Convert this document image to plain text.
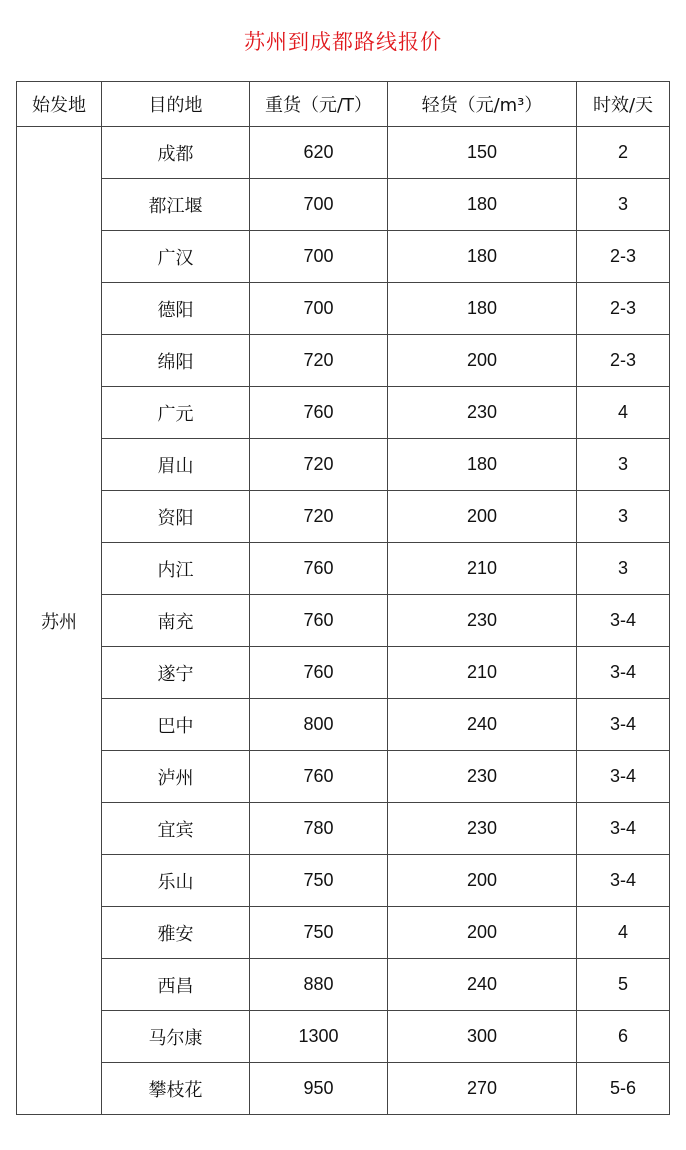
苏州到成都路线报价
始发地	目的地	重货（元/T）	轻货（元/m³）	时效/天
苏州	成都	620	150	2
	都江堰	700	180	3
	广汉	700	180	2-3
	德阳	700	180	2-3
	绵阳	720	200	2-3
	广元	760	230	4
	眉山	720	180	3
	资阳	720	200	3
	内江	760	210	3
	南充	760	230	3-4
	遂宁	760	210	3-4
	巴中	800	240	3-4
	泸州	760	230	3-4
	宜宾	780	230	3-4
	乐山	750	200	3-4
	雅安	750	200	4
	西昌	880	240	5
	马尔康	1300	300	6
	攀枝花	950	270	5-6
